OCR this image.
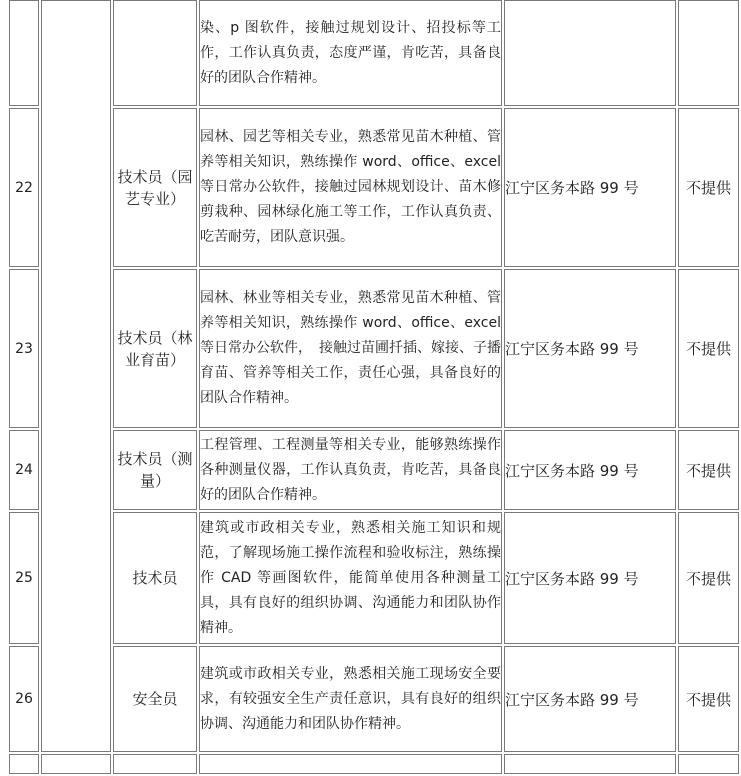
			染、p 图软件，接触过规划设计、招投标等工作，工作认真负责，态度严谨，肯吃苦，具备良好的团队合作精神。		
22		技术员（园艺专业）	园林、园艺等相关专业，熟悉常见苗木种植、管养等相关知识，熟练操作 word、office、excel 等日常办公软件，接触过园林规划设计、苗木修剪栽种、园林绿化施工等工作，工作认真负责、吃苦耐劳，团队意识强。	江宁区务本路 99 号	不提供
23		技术员（林业育苗）	园林、林业等相关专业，熟悉常见苗木种植、管养等相关知识，熟练操作 word、office、excel 等日常办公软件，　接触过苗圃扦插、嫁接、子播育苗、管养等相关工作，责任心强，具备良好的团队合作精神。	江宁区务本路 99 号	不提供
24		技术员（测量）	工程管理、工程测量等相关专业，能够熟练操作各种测量仪器，工作认真负责，肯吃苦，具备良好的团队合作精神。	江宁区务本路 99 号	不提供
25		技术员	建筑或市政相关专业，熟悉相关施工知识和规范，了解现场施工操作流程和验收标注，熟练操作 CAD 等画图软件，能简单使用各种测量工具，具有良好的组织协调、沟通能力和团队协作精神。	江宁区务本路 99 号	不提供
26		安全员	建筑或市政相关专业，熟悉相关施工现场安全要求，有较强安全生产责任意识，具有良好的组织协调、沟通能力和团队协作精神。	江宁区务本路 99 号	不提供
